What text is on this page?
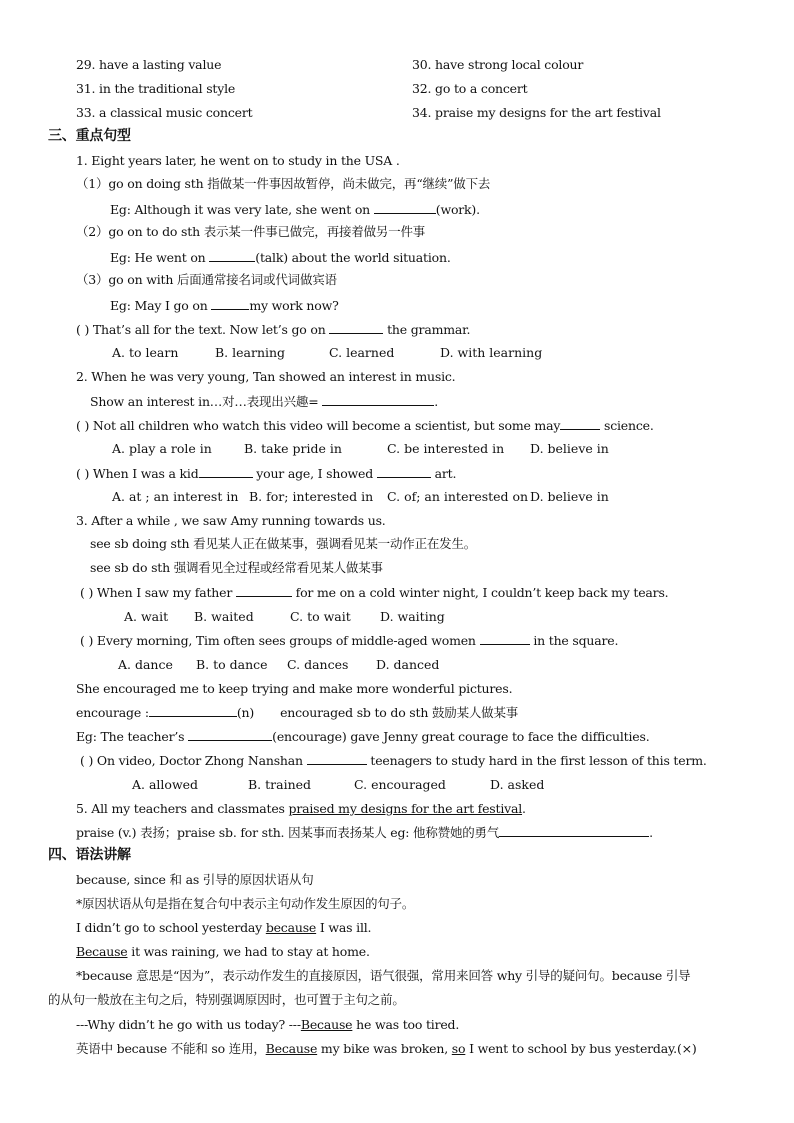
29. have a lasting value	30. have strong local colour
31. in the traditional style	32. go to a concert
33. a classical music concert	34. praise my designs for the art festival
三、重点句型
1. Eight years later, he went on to study in the USA .
（1）go on doing sth 指做某一件事因故暂停，尚未做完，再“继续”做下去
Eg: Although it was very late, she went on	(work).
（2）go on to do sth 表示某一件事已做完，再接着做另一件事
Eg: He went on	(talk) about the world situation.
（3）go on with 后面通常接名词或代词做宾语
Eg: May I go on	my work now?
( ) That’s all for the text. Now let’s go on	the grammar.
A. to learn	B. learning	C. learned	D. with learning
2. When he was very young, Tan showed an interest in music.
Show an interest in…对…表现出兴趣=	.
( ) Not all children who watch this video will become a scientist, but some may	science.
A. play a role in	B. take pride in	C. be interested in D. believe in
( ) When I was a kid	your age, I showed	art.
A. at ; an interest in B. for; interested in C. of; an interested on D. believe in
3. After a while , we saw Amy running towards us.
see sb doing sth 看见某人正在做某事，强调看见某一动作正在发生。
see sb do sth 强调看见全过程或经常看见某人做某事
( ) When I saw my father	for me on a cold winter night, I couldn’t keep back my tears.
A. wait B. waited	C. to wait D. waiting
( ) Every morning, Tim often sees groups of middle-aged women	in the square.
A. dance B. to dance C. dances D. danced
She encouraged me to keep trying and make more wonderful pictures.
encourage :	(n) encouraged sb to do sth 鼓励某人做某事
Eg: The teacher’s	(encourage) gave Jenny great courage to face the difficulties.
( ) On video, Doctor Zhong Nanshan	teenagers to study hard in the first lesson of this term.
A. allowed	B. trained	C. encouraged	D. asked
5. All my teachers and classmates praised my designs for the art festival.
praise (v.) 表扬；praise sb. for sth. 因某事而表扬某人 eg: 他称赞她的勇气	.
四、语法讲解
because, since 和 as 引导的原因状语从句
*原因状语从句是指在复合句中表示主句动作发生原因的句子。
I didn’t go to school yesterday because I was ill.
Because it was raining, we had to stay at home.
*because 意思是“因为”，表示动作发生的直接原因，语气很强，常用来回答 why 引导的疑问句。because 引导
的从句一般放在主句之后，特别强调原因时，也可置于主句之前。
---Why didn’t he go with us today? ---Because he was too tired.
英语中 because 不能和 so 连用，Because my bike was broken, so I went to school by bus yesterday.(×)
